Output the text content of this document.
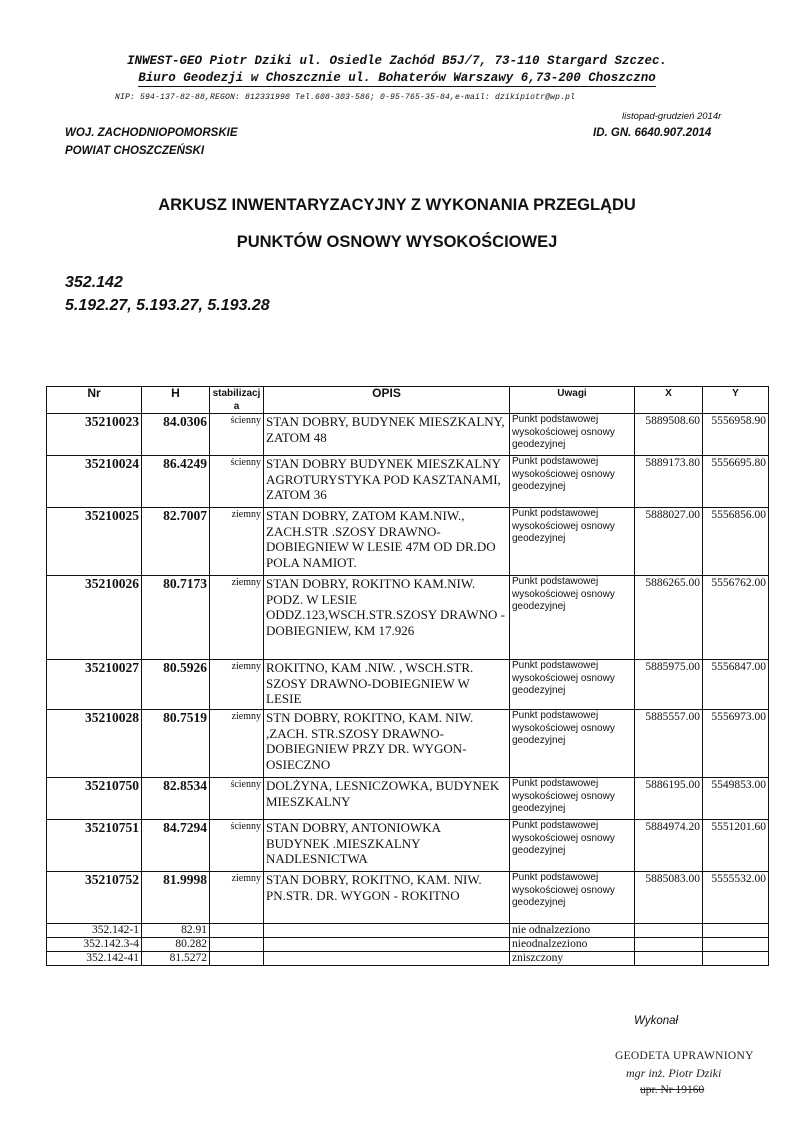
INWEST-GEO Piotr Dziki ul. Osiedle Zachód B5J/7, 73-110 Stargard Szczec.
Biuro Geodezji w Choszcznie ul. Bohaterów Warszawy 6,73-200 Choszczno
NIP: 594-137-82-88,REGON: 812331990 Tel.608-303-586; 0-95-765-35-84,e-mail: dzikipiotr@wp.pl
listopad-grudzień 2014r
WOJ. ZACHODNIOPOMORSKIE
POWIAT CHOSZCZEŃSKI
ID. GN. 6640.907.2014
ARKUSZ INWENTARYZACYJNY Z WYKONANIA PRZEGLĄDU
PUNKTÓW OSNOWY WYSOKOŚCIOWEJ
352.142
5.192.27, 5.193.27, 5.193.28
Nr	H	stabilizacja	OPIS	Uwagi	X	Y
35210023	84.0306	ścienny	STAN DOBRY, BUDYNEK MIESZKALNY, ZATOM 48	Punkt podstawowej wysokościowej osnowy geodezyjnej	5889508.60	5556958.90
35210024	86.4249	ścienny	STAN DOBRY BUDYNEK MIESZKALNY AGROTURYSTYKA POD KASZTANAMI, ZATOM 36	Punkt podstawowej wysokościowej osnowy geodezyjnej	5889173.80	5556695.80
35210025	82.7007	ziemny	STAN DOBRY, ZATOM KAM.NIW., ZACH.STR .SZOSY DRAWNO-DOBIEGNIEW W LESIE 47M OD DR.DO POLA NAMIOT.	Punkt podstawowej wysokościowej osnowy geodezyjnej	5888027.00	5556856.00
35210026	80.7173	ziemny	STAN DOBRY, ROKITNO KAM.NIW. PODZ. W LESIE ODDZ.123,WSCH.STR.SZOSY DRAWNO - DOBIEGNIEW, KM 17.926	Punkt podstawowej wysokościowej osnowy geodezyjnej	5886265.00	5556762.00
35210027	80.5926	ziemny	ROKITNO, KAM .NIW. , WSCH.STR. SZOSY DRAWNO-DOBIEGNIEW W LESIE	Punkt podstawowej wysokościowej osnowy geodezyjnej	5885975.00	5556847.00
35210028	80.7519	ziemny	STN DOBRY, ROKITNO, KAM. NIW. ,ZACH. STR.SZOSY DRAWNO-DOBIEGNIEW PRZY DR. WYGON-OSIECZNO	Punkt podstawowej wysokościowej osnowy geodezyjnej	5885557.00	5556973.00
35210750	82.8534	ścienny	DOLŻYNA, LESNICZOWKA, BUDYNEK MIESZKALNY	Punkt podstawowej wysokościowej osnowy geodezyjnej	5886195.00	5549853.00
35210751	84.7294	ścienny	STAN DOBRY, ANTONIOWKA BUDYNEK .MIESZKALNY NADLESNICTWA	Punkt podstawowej wysokościowej osnowy geodezyjnej	5884974.20	5551201.60
35210752	81.9998	ziemny	STAN DOBRY, ROKITNO, KAM. NIW. PN.STR. DR. WYGON - ROKITNO	Punkt podstawowej wysokościowej osnowy geodezyjnej	5885083.00	5555532.00
352.142-1	82.91			nie odnalzeziono		
352.142.3-4	80.282			nieodnalzeziono		
352.142-41	81.5272			zniszczony		
Wykonał
GEODETA UPRAWNIONY
mgr inż. Piotr Dziki
upr. Nr 19160
